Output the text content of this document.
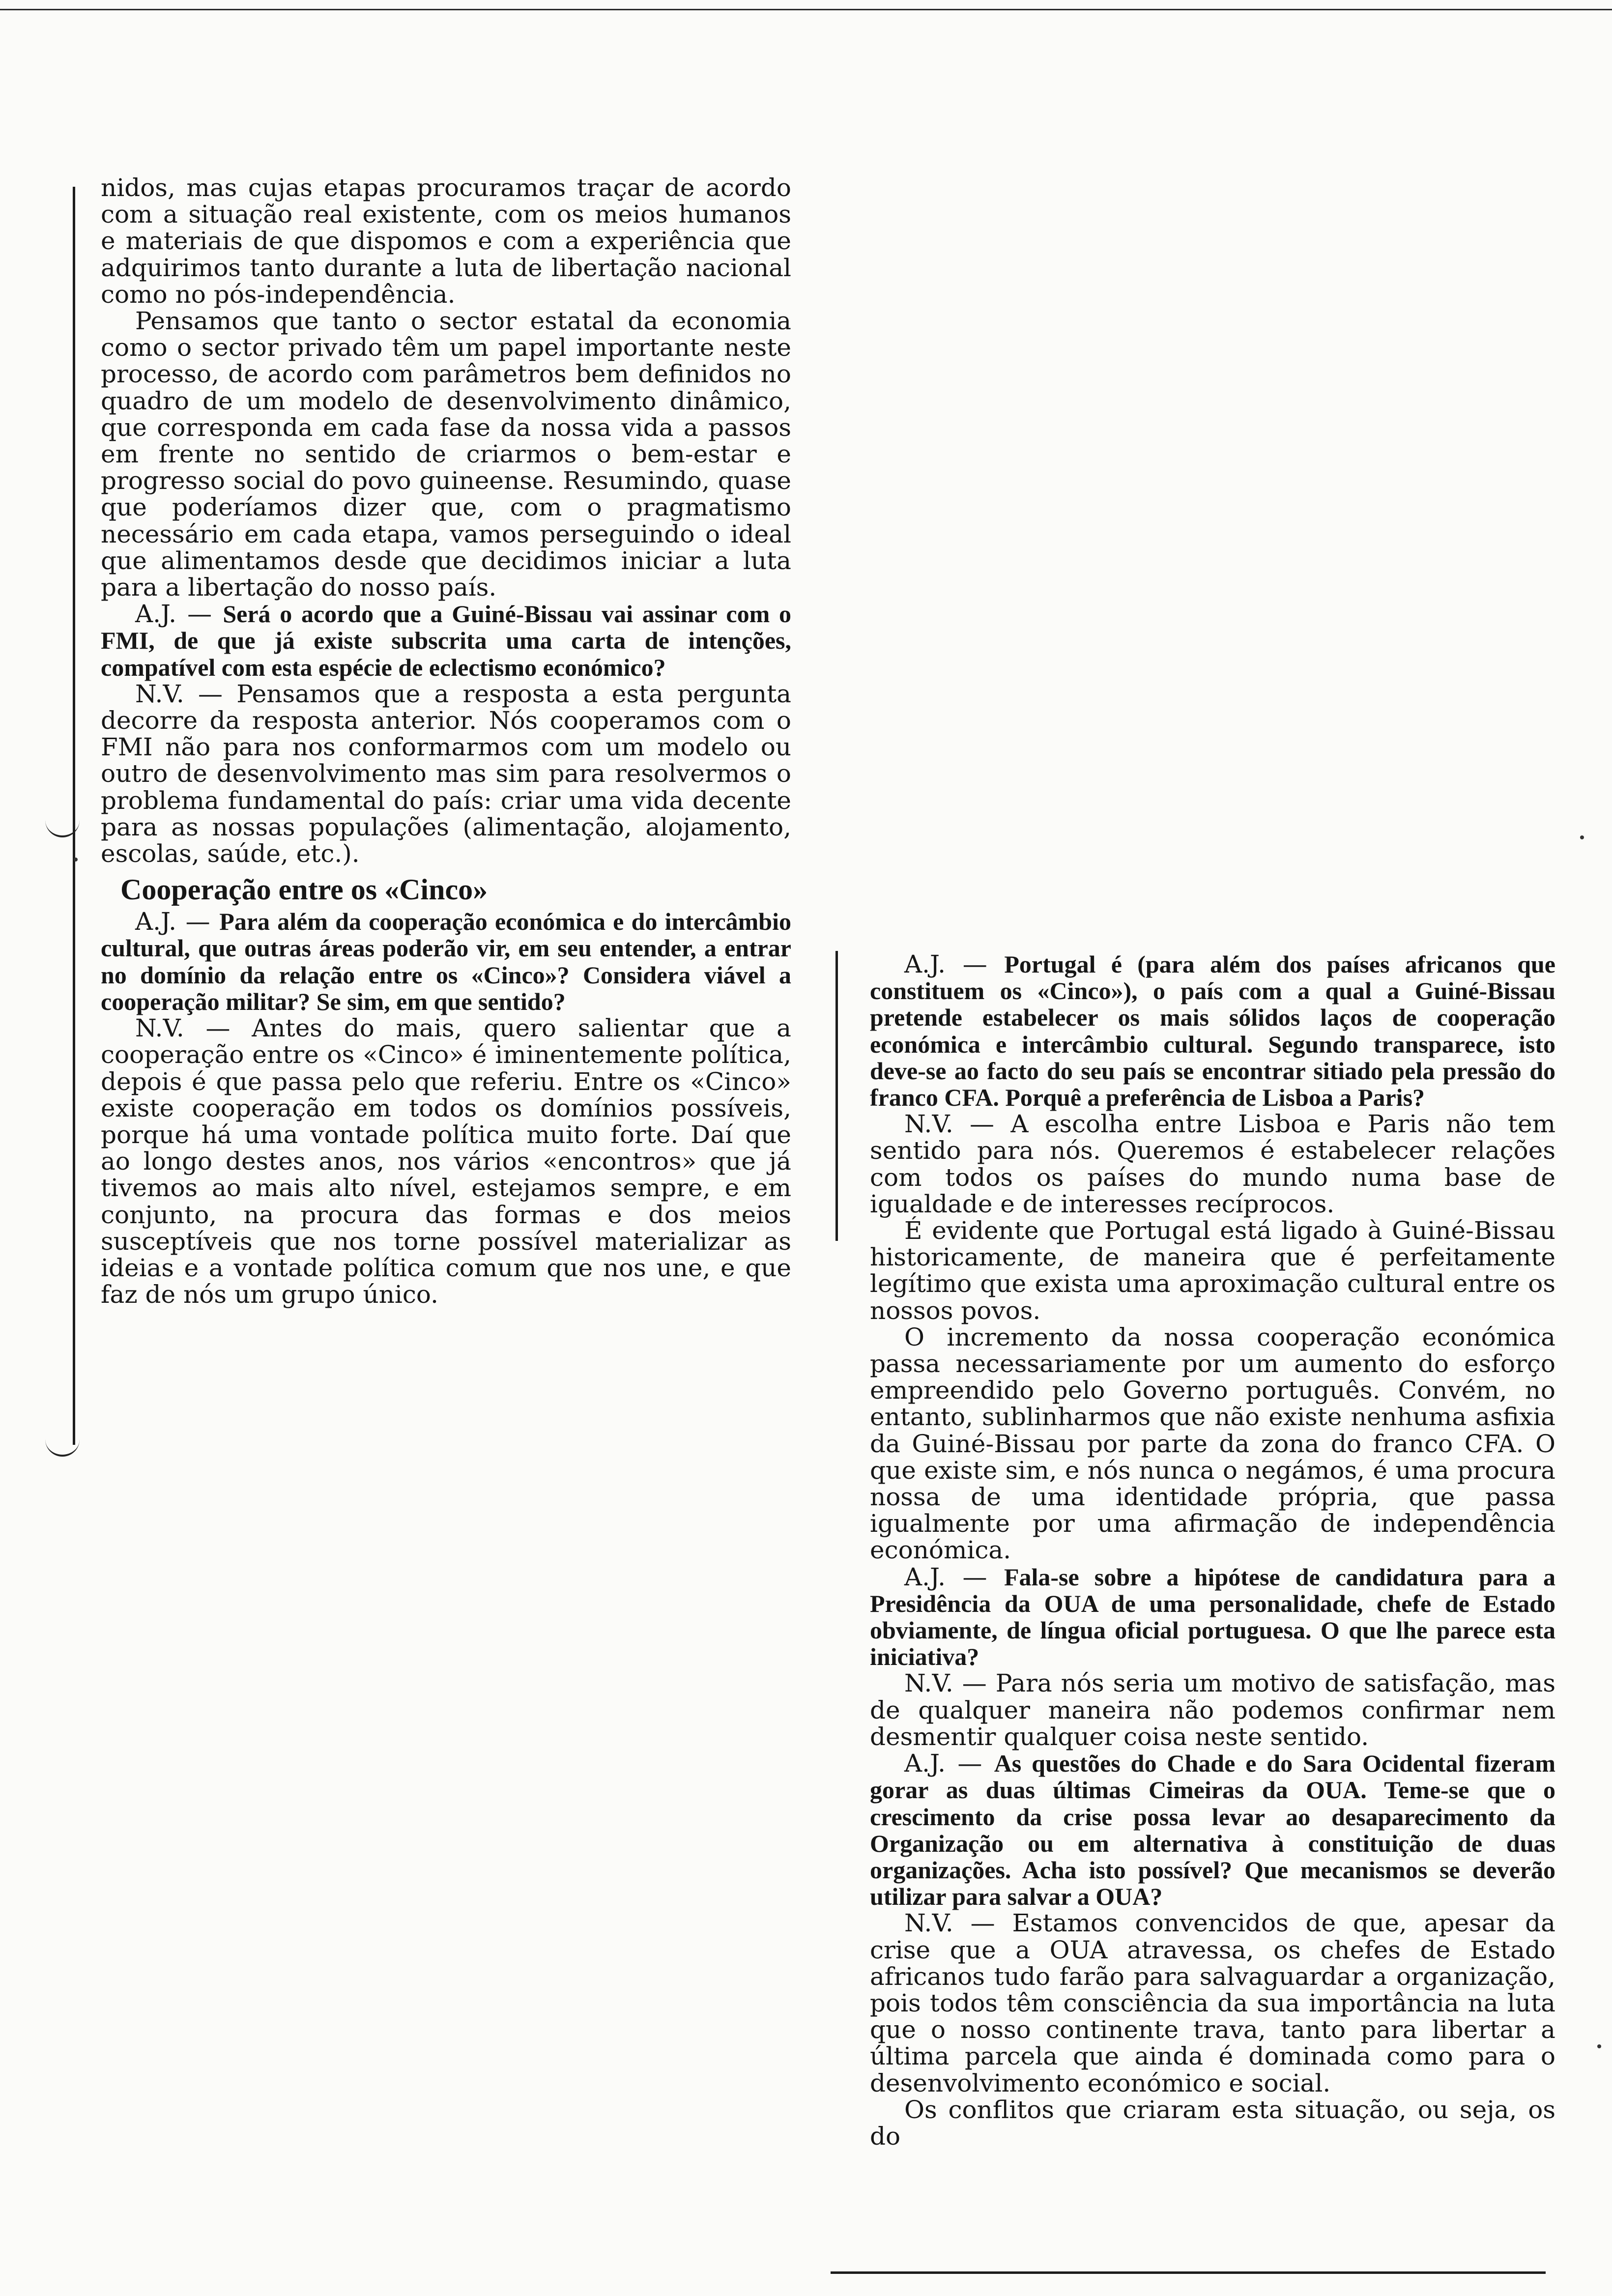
nidos, mas cujas etapas procuramos traçar de acordo com a situação real existente, com os meios humanos e materiais de que dispomos e com a experiência que adquirimos tanto durante a luta de libertação nacional como no pós-independência.

Pensamos que tanto o sector estatal da economia como o sector privado têm um papel importante neste processo, de acordo com parâmetros bem definidos no quadro de um modelo de desenvolvimento dinâmico, que corresponda em cada fase da nossa vida a passos em frente no sentido de criarmos o bem-estar e progresso social do povo guineense. Resumindo, quase que poderíamos dizer que, com o pragmatismo necessário em cada etapa, vamos perseguindo o ideal que alimentamos desde que decidimos iniciar a luta para a libertação do nosso país.

A.J. — Será o acordo que a Guiné-Bissau vai assinar com o FMI, de que já existe subscrita uma carta de intenções, compatível com esta espécie de eclectismo económico?

N.V. — Pensamos que a resposta a esta pergunta decorre da resposta anterior. Nós cooperamos com o FMI não para nos conformarmos com um modelo ou outro de desenvolvimento mas sim para resolvermos o problema fundamental do país: criar uma vida decente para as nossas populações (alimentação, alojamento, escolas, saúde, etc.).

Cooperação entre os «Cinco»

A.J. — Para além da cooperação económica e do intercâmbio cultural, que outras áreas poderão vir, em seu entender, a entrar no domínio da relação entre os «Cinco»? Considera viável a cooperação militar? Se sim, em que sentido?

N.V. — Antes do mais, quero salientar que a cooperação entre os «Cinco» é iminentemente política, depois é que passa pelo que referiu. Entre os «Cinco» existe cooperação em todos os domínios possíveis, porque há uma vontade política muito forte. Daí que ao longo destes anos, nos vários «encontros» que já tivemos ao mais alto nível, estejamos sempre, e em conjunto, na procura das formas e dos meios susceptíveis que nos torne possível materializar as ideias e a vontade política comum que nos une, e que faz de nós um grupo único.

A.J. — Portugal é (para além dos países africanos que constituem os «Cinco»), o país com a qual a Guiné-Bissau pretende estabelecer os mais sólidos laços de cooperação económica e intercâmbio cultural. Segundo transparece, isto deve-se ao facto do seu país se encontrar sitiado pela pressão do franco CFA. Porquê a preferência de Lisboa a Paris?

N.V. — A escolha entre Lisboa e Paris não tem sentido para nós. Queremos é estabelecer relações com todos os países do mundo numa base de igualdade e de interesses recíprocos.

É evidente que Portugal está ligado à Guiné-Bissau historicamente, de maneira que é perfeitamente legítimo que exista uma aproximação cultural entre os nossos povos.

O incremento da nossa cooperação económica passa necessariamente por um aumento do esforço empreendido pelo Governo português. Convém, no entanto, sublinharmos que não existe nenhuma asfixia da Guiné-Bissau por parte da zona do franco CFA. O que existe sim, e nós nunca o negámos, é uma procura nossa de uma identidade própria, que passa igualmente por uma afirmação de independência económica.

A.J. — Fala-se sobre a hipótese de candidatura para a Presidência da OUA de uma personalidade, chefe de Estado obviamente, de língua oficial portuguesa. O que lhe parece esta iniciativa?

N.V. — Para nós seria um motivo de satisfação, mas de qualquer maneira não podemos confirmar nem desmentir qualquer coisa neste sentido.

A.J. — As questões do Chade e do Sara Ocidental fizeram gorar as duas últimas Cimeiras da OUA. Teme-se que o crescimento da crise possa levar ao desaparecimento da Organização ou em alternativa à constituição de duas organizações. Acha isto possível? Que mecanismos se deverão utilizar para salvar a OUA?

N.V. — Estamos convencidos de que, apesar da crise que a OUA atravessa, os chefes de Estado africanos tudo farão para salvaguardar a organização, pois todos têm consciência da sua importância na luta que o nosso continente trava, tanto para libertar a última parcela que ainda é dominada como para o desenvolvimento económico e social.

Os conflitos que criaram esta situação, ou seja, os do
